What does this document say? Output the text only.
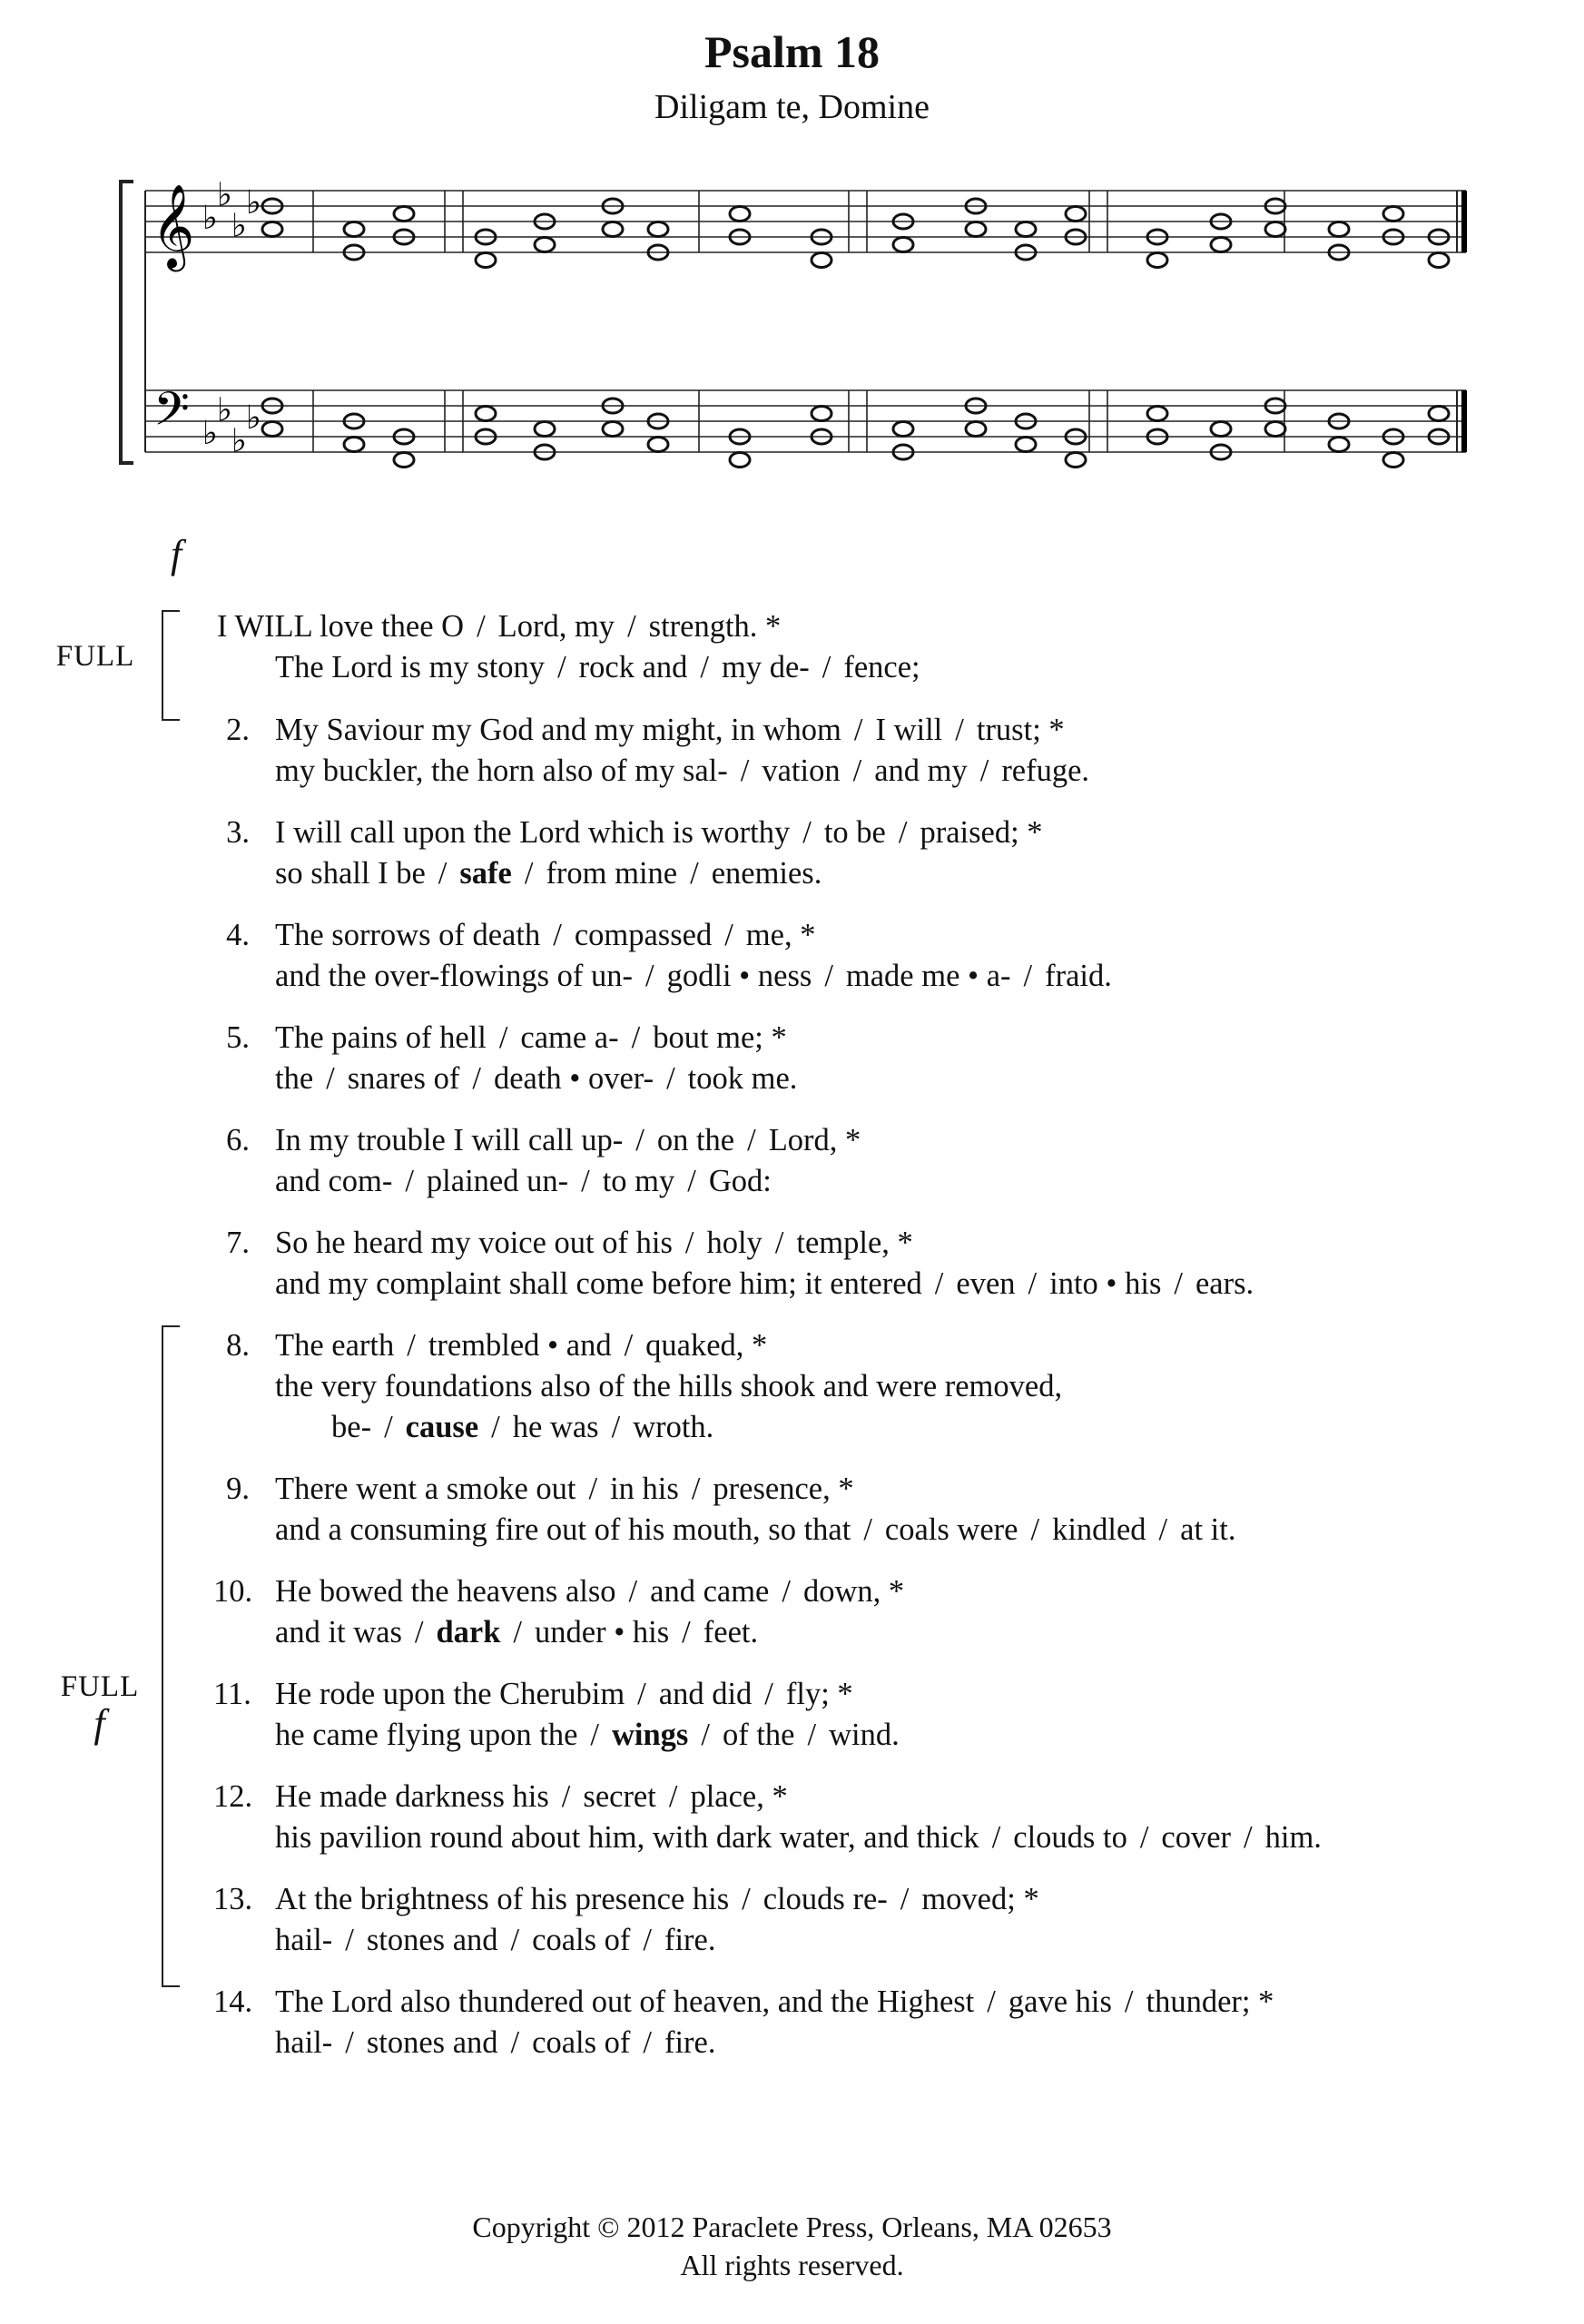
Psalm 18
Diligam te, Domine
𝄞
𝄢
♭
♭
♭
♭
♭
♭
♭
♭
f
FULL
FULL
f
I WILL love thee O / Lord, my / strength. *
The Lord is my stony / rock and / my de- / fence;
2. My Saviour my God and my might, in whom / I will / trust; *
my buckler, the horn also of my sal- / vation / and my / refuge.
3. I will call upon the Lord which is worthy / to be / praised; *
so shall I be / safe / from mine / enemies.
4. The sorrows of death / compassed / me, *
and the over-flowings of un- / godli • ness / made me • a- / fraid.
5. The pains of hell / came a- / bout me; *
the / snares of / death • over- / took me.
6. In my trouble I will call up- / on the / Lord, *
and com- / plained un- / to my / God:
7. So he heard my voice out of his / holy / temple, *
and my complaint shall come before him; it entered / even / into • his / ears.
8. The earth / trembled • and / quaked, *
the very foundations also of the hills shook and were removed,
be- / cause / he was / wroth.
9. There went a smoke out / in his / presence, *
and a consuming fire out of his mouth, so that / coals were / kindled / at it.
10. He bowed the heavens also / and came / down, *
and it was / dark / under • his / feet.
11. He rode upon the Cherubim / and did / fly; *
he came flying upon the / wings / of the / wind.
12. He made darkness his / secret / place, *
his pavilion round about him, with dark water, and thick / clouds to / cover / him.
13. At the brightness of his presence his / clouds re- / moved; *
hail- / stones and / coals of / fire.
14. The Lord also thundered out of heaven, and the Highest / gave his / thunder; *
hail- / stones and / coals of / fire.
Copyright © 2012 Paraclete Press, Orleans, MA 02653
All rights reserved.
